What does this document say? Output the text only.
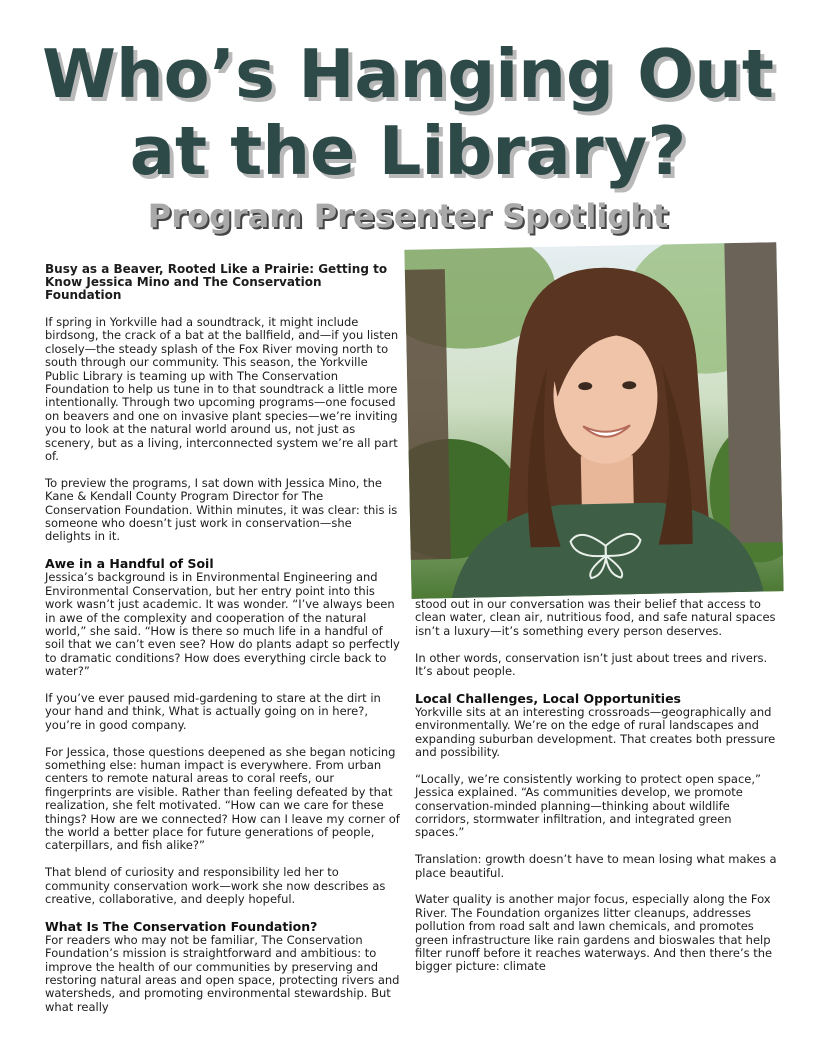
Who’s Hanging Out
at the Library?
Program Presenter Spotlight
Busy as a Beaver, Rooted Like a Prairie: Getting to Know Jessica Mino and The Conservation Foundation

If spring in Yorkville had a soundtrack, it might include birdsong, the crack of a bat at the ballfield, and—if you listen closely—the steady splash of the Fox River moving north to south through our community. This season, the Yorkville Public Library is teaming up with The Conservation Foundation to help us tune in to that soundtrack a little more intentionally. Through two upcoming programs—one focused on beavers and one on invasive plant species—we’re inviting you to look at the natural world around us, not just as scenery, but as a living, interconnected system we’re all part of.

To preview the programs, I sat down with Jessica Mino, the Kane & Kendall County Program Director for The Conservation Foundation. Within minutes, it was clear: this is someone who doesn’t just work in conservation—she delights in it.

Awe in a Handful of Soil

Jessica’s background is in Environmental Engineering and Environmental Conservation, but her entry point into this work wasn’t just academic. It was wonder. “I’ve always been in awe of the complexity and cooperation of the natural world,” she said. “How is there so much life in a handful of soil that we can’t even see? How do plants adapt so perfectly to dramatic conditions? How does everything circle back to water?”

If you’ve ever paused mid-gardening to stare at the dirt in your hand and think, What is actually going on in here?, you’re in good company.

For Jessica, those questions deepened as she began noticing something else: human impact is everywhere. From urban centers to remote natural areas to coral reefs, our fingerprints are visible. Rather than feeling defeated by that realization, she felt motivated. “How can we care for these things? How are we connected? How can I leave my corner of the world a better place for future generations of people, caterpillars, and fish alike?”

That blend of curiosity and responsibility led her to community conservation work—work she now describes as creative, collaborative, and deeply hopeful.

What Is The Conservation Foundation?

For readers who may not be familiar, The Conservation Foundation’s mission is straightforward and ambitious: to improve the health of our communities by preserving and restoring natural areas and open space, protecting rivers and watersheds, and promoting environmental stewardship. But what really

stood out in our conversation was their belief that access to clean water, clean air, nutritious food, and safe natural spaces isn’t a luxury—it’s something every person deserves.

In other words, conservation isn’t just about trees and rivers. It’s about people.

Local Challenges, Local Opportunities

Yorkville sits at an interesting crossroads—geographically and environmentally. We’re on the edge of rural landscapes and expanding suburban development. That creates both pressure and possibility.

“Locally, we’re consistently working to protect open space,” Jessica explained. “As communities develop, we promote conservation-minded planning—thinking about wildlife corridors, stormwater infiltration, and integrated green spaces.”

Translation: growth doesn’t have to mean losing what makes a place beautiful.

Water quality is another major focus, especially along the Fox River. The Foundation organizes litter cleanups, addresses pollution from road salt and lawn chemicals, and promotes green infrastructure like rain gardens and bioswales that help filter runoff before it reaches waterways. And then there’s the bigger picture: climate
